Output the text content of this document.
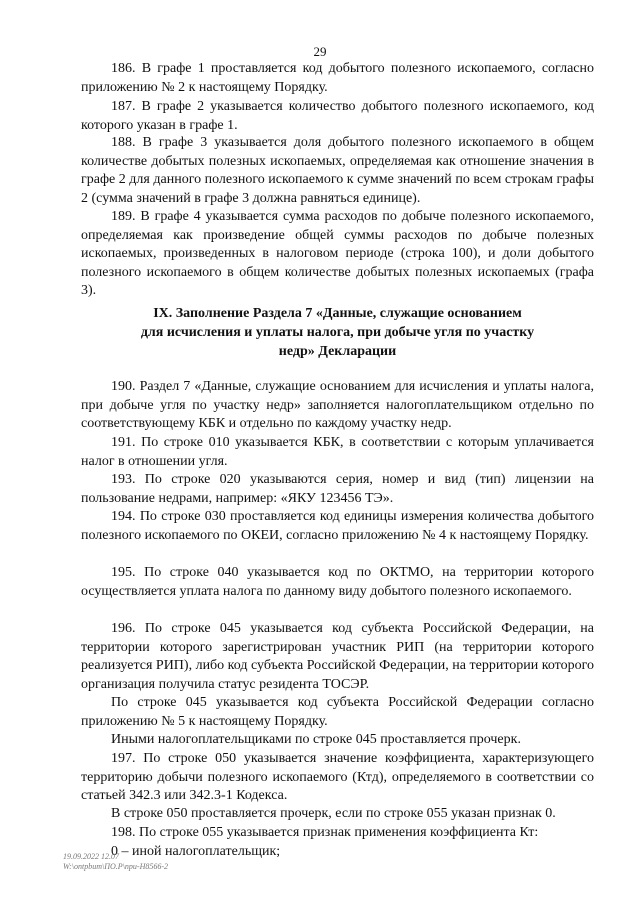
29

186. В графе 1 проставляется код добытого полезного ископаемого, согласно приложению № 2 к настоящему Порядку.

187. В графе 2 указывается количество добытого полезного ископаемого, код которого указан в графе 1.

188. В графе 3 указывается доля добытого полезного ископаемого в общем количестве добытых полезных ископаемых, определяемая как отношение значения в графе 2 для данного полезного ископаемого к сумме значений по всем строкам графы 2 (сумма значений в графе 3 должна равняться единице).

189. В графе 4 указывается сумма расходов по добыче полезного ископаемого, определяемая как произведение общей суммы расходов по добыче полезных ископаемых, произведенных в налоговом периоде (строка 100), и доли добытого полезного ископаемого в общем количестве добытых полезных ископаемых (графа 3).

IX. Заполнение Раздела 7 «Данные, служащие основанием
для исчисления и уплаты налога, при добыче угля по участку
недр» Декларации

190. Раздел 7 «Данные, служащие основанием для исчисления и уплаты налога, при добыче угля по участку недр» заполняется налогоплательщиком отдельно по соответствующему КБК и отдельно по каждому участку недр.

191. По строке 010 указывается КБК, в соответствии с которым уплачивается налог в отношении угля.

193. По строке 020 указываются серия, номер и вид (тип) лицензии на пользование недрами, например: «ЯКУ 123456 ТЭ».

194. По строке 030 проставляется код единицы измерения количества добытого полезного ископаемого по ОКЕИ, согласно приложению № 4 к настоящему Порядку.

195. По строке 040 указывается код по ОКТМО, на территории которого осуществляется уплата налога по данному виду добытого полезного ископаемого.

196. По строке 045 указывается код субъекта Российской Федерации, на территории которого зарегистрирован участник РИП (на территории которого реализуется РИП), либо код субъекта Российской Федерации, на территории которого организация получила статус резидента ТОСЭР.

По строке 045 указывается код субъекта Российской Федерации согласно приложению № 5 к настоящему Порядку.

Иными налогоплательщиками по строке 045 проставляется прочерк.

197. По строке 050 указывается значение коэффициента, характеризующего территорию добычи полезного ископаемого (Ктд), определяемого в соответствии со статьей 342.3 или 342.3-1 Кодекса.

В строке 050 проставляется прочерк, если по строке 055 указан признак 0.

198. По строке 055 указывается признак применения коэффициента Кт:

0 – иной налогоплательщик;

19.09.2022 12.07
W:\ontpbum\ПО.Р\при-Н8566-2
